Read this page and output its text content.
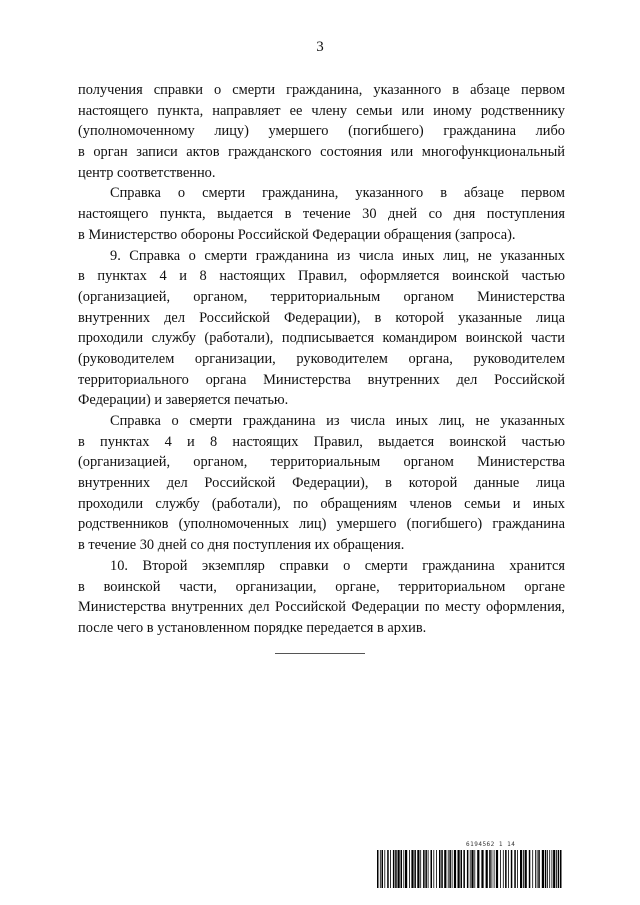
3
получения справки о смерти гражданина, указанного в абзаце первом
настоящего пункта, направляет ее члену семьи или иному родственнику
(уполномоченному лицу) умершего (погибшего) гражданина либо
в орган записи актов гражданского состояния или многофункциональный
центр соответственно.
Справка о смерти гражданина, указанного в абзаце первом
настоящего пункта, выдается в течение 30 дней со дня поступления
в Министерство обороны Российской Федерации обращения (запроса).
9. Справка о смерти гражданина из числа иных лиц, не указанных
в пунктах 4 и 8 настоящих Правил, оформляется воинской частью
(организацией, органом, территориальным органом Министерства
внутренних дел Российской Федерации), в которой указанные лица
проходили службу (работали), подписывается командиром воинской части
(руководителем организации, руководителем органа, руководителем
территориального органа Министерства внутренних дел Российской
Федерации) и заверяется печатью.
Справка о смерти гражданина из числа иных лиц, не указанных
в пунктах 4 и 8 настоящих Правил, выдается воинской частью
(организацией, органом, территориальным органом Министерства
внутренних дел Российской Федерации), в которой данные лица
проходили службу (работали), по обращениям членов семьи и иных
родственников (уполномоченных лиц) умершего (погибшего) гражданина
в течение 30 дней со дня поступления их обращения.
10. Второй экземпляр справки о смерти гражданина хранится
в воинской части, организации, органе, территориальном органе
Министерства внутренних дел Российской Федерации по месту оформления,
после чего в установленном порядке передается в архив.
6194562 1 14
